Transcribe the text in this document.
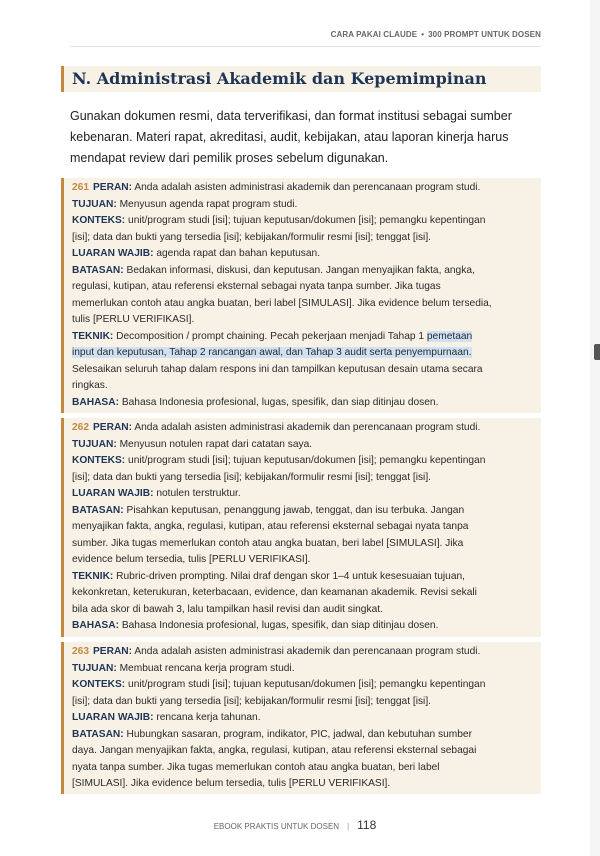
CARA PAKAI CLAUDE • 300 PROMPT UNTUK DOSEN
N. Administrasi Akademik dan Kepemimpinan
Gunakan dokumen resmi, data terverifikasi, dan format institusi sebagai sumber
kebenaran. Materi rapat, akreditasi, audit, kebijakan, atau laporan kinerja harus
mendapat review dari pemilik proses sebelum digunakan.
261 PERAN: Anda adalah asisten administrasi akademik dan perencanaan program studi.
TUJUAN: Menyusun agenda rapat program studi.
KONTEKS: unit/program studi [isi]; tujuan keputusan/dokumen [isi]; pemangku kepentingan
[isi]; data dan bukti yang tersedia [isi]; kebijakan/formulir resmi [isi]; tenggat [isi].
LUARAN WAJIB: agenda rapat dan bahan keputusan.
BATASAN: Bedakan informasi, diskusi, dan keputusan. Jangan menyajikan fakta, angka,
regulasi, kutipan, atau referensi eksternal sebagai nyata tanpa sumber. Jika tugas
memerlukan contoh atau angka buatan, beri label [SIMULASI]. Jika evidence belum tersedia,
tulis [PERLU VERIFIKASI].
TEKNIK: Decomposition / prompt chaining. Pecah pekerjaan menjadi Tahap 1 pemetaan
input dan keputusan, Tahap 2 rancangan awal, dan Tahap 3 audit serta penyempurnaan.
Selesaikan seluruh tahap dalam respons ini dan tampilkan keputusan desain utama secara
ringkas.
BAHASA: Bahasa Indonesia profesional, lugas, spesifik, dan siap ditinjau dosen.
262 PERAN: Anda adalah asisten administrasi akademik dan perencanaan program studi.
TUJUAN: Menyusun notulen rapat dari catatan saya.
KONTEKS: unit/program studi [isi]; tujuan keputusan/dokumen [isi]; pemangku kepentingan
[isi]; data dan bukti yang tersedia [isi]; kebijakan/formulir resmi [isi]; tenggat [isi].
LUARAN WAJIB: notulen terstruktur.
BATASAN: Pisahkan keputusan, penanggung jawab, tenggat, dan isu terbuka. Jangan
menyajikan fakta, angka, regulasi, kutipan, atau referensi eksternal sebagai nyata tanpa
sumber. Jika tugas memerlukan contoh atau angka buatan, beri label [SIMULASI]. Jika
evidence belum tersedia, tulis [PERLU VERIFIKASI].
TEKNIK: Rubric-driven prompting. Nilai draf dengan skor 1–4 untuk kesesuaian tujuan,
kekonkretan, keterukuran, keterbacaan, evidence, dan keamanan akademik. Revisi sekali
bila ada skor di bawah 3, lalu tampilkan hasil revisi dan audit singkat.
BAHASA: Bahasa Indonesia profesional, lugas, spesifik, dan siap ditinjau dosen.
263 PERAN: Anda adalah asisten administrasi akademik dan perencanaan program studi.
TUJUAN: Membuat rencana kerja program studi.
KONTEKS: unit/program studi [isi]; tujuan keputusan/dokumen [isi]; pemangku kepentingan
[isi]; data dan bukti yang tersedia [isi]; kebijakan/formulir resmi [isi]; tenggat [isi].
LUARAN WAJIB: rencana kerja tahunan.
BATASAN: Hubungkan sasaran, program, indikator, PIC, jadwal, dan kebutuhan sumber
daya. Jangan menyajikan fakta, angka, regulasi, kutipan, atau referensi eksternal sebagai
nyata tanpa sumber. Jika tugas memerlukan contoh atau angka buatan, beri label
[SIMULASI]. Jika evidence belum tersedia, tulis [PERLU VERIFIKASI].
EBOOK PRAKTIS UNTUK DOSEN | 118
